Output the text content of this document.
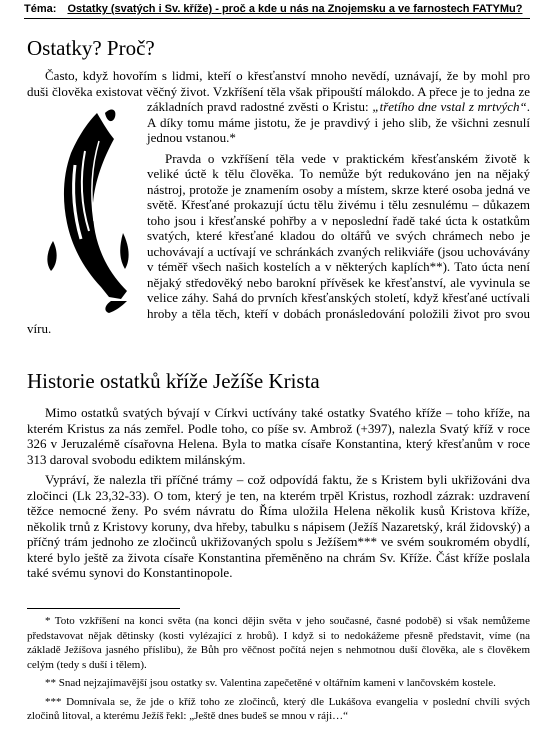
Téma: Ostatky (svatých i Sv. kříže) - proč a kde u nás na Znojemsku a ve farnostech FATYMu?
Ostatky? Proč?

Často, když hovořím s lidmi, kteří o křesťanství mnoho nevědí, uznávají, že by mohl pro duši člověka existovat věčný život. Vzkříšení těla však připouští málokdo. A přece je to jedna ze základních pravd radostné zvěsti o Kristu: „třetího dne vstal z mrtvých“
. A díky tomu máme jistotu, že je pravdivý i jeho slib, že všichni zesnulí jednou vstanou.*

Pravda o vzkříšení těla vede v praktickém křesťanském životě k veliké úctě k tělu člověka. To nemůže být redukováno jen na nějaký nástroj, protože je znamením osoby a místem, skrze které osoba jedná ve světě. Křesťané prokazují úctu tělu živému i tělu zesnulému – důkazem toho jsou i křesťanské pohřby a v neposlední řadě také úcta k ostatkům svatých, které křesťané kladou do oltářů ve svých chrámech nebo je uchovávají a uctívají ve schránkách zvaných relikviáře (jsou uchovávány v téměř všech našich kostelích a v některých kaplích**). Tato úcta není nějaký středověký nebo barokní přívěsek ke křesťanství, ale vyvinula se velice záhy. Sahá do prvních křesťanských století, když křesťané uctívali hroby a těla těch, kteří v dobách pronásledování položili život pro svou víru.

Historie ostatků kříže Ježíše Krista

Mimo ostatků svatých bývají v Církvi uctívány také ostatky Svatého kříže – toho kříže, na kterém Kristus za nás zemřel. Podle toho, co píše sv. Ambrož (+397), nalezla Svatý kříž v roce 326 v Jeruzalémě císařovna Helena. Byla to matka císaře Konstantina, který křesťanům v roce 313 daroval svobodu ediktem milánským.

Vypráví, že nalezla tři příčné trámy – což odpovídá faktu, že s Kristem byli ukřižováni dva zločinci (Lk 23,32-33). O tom, který je ten, na kterém trpěl Kristus, rozhodl zázrak: uzdravení těžce nemocné ženy. Po svém návratu do Říma uložila Helena několik kusů Kristova kříže, několik trnů z Kristovy koruny, dva hřeby, tabulku s nápisem (Ježíš Nazaretský, král židovský) a příčný trám jednoho ze zločinců ukřižovaných spolu s Ježíšem*** ve svém soukromém obydlí, které bylo ještě za života císaře Konstantina přeměněno na chrám Sv. Kříže. Část kříže poslala také svému synovi do Konstantinopole.

* Toto vzkříšení na konci světa (na konci dějin světa v jeho současné, časné podobě) si však nemůžeme představovat nějak dětinsky (kosti vylézající z hrobů). I když si to nedokážeme přesně představit, víme (na základě Ježíšova jasného příslibu), že Bůh pro věčnost počítá nejen s nehmotnou duší člověka, ale s člověkem celým (tedy s duší i tělem).

** Snad nejzajímavější jsou ostatky sv. Valentina zapečetěné v oltářním kameni v lančovském kostele.

*** Domnívala se, že jde o kříž toho ze zločinců, který dle Lukášova evangelia v poslední chvíli svých zločinů litoval, a kterému Ježíš řekl: „Ještě dnes budeš se mnou v ráji…“
